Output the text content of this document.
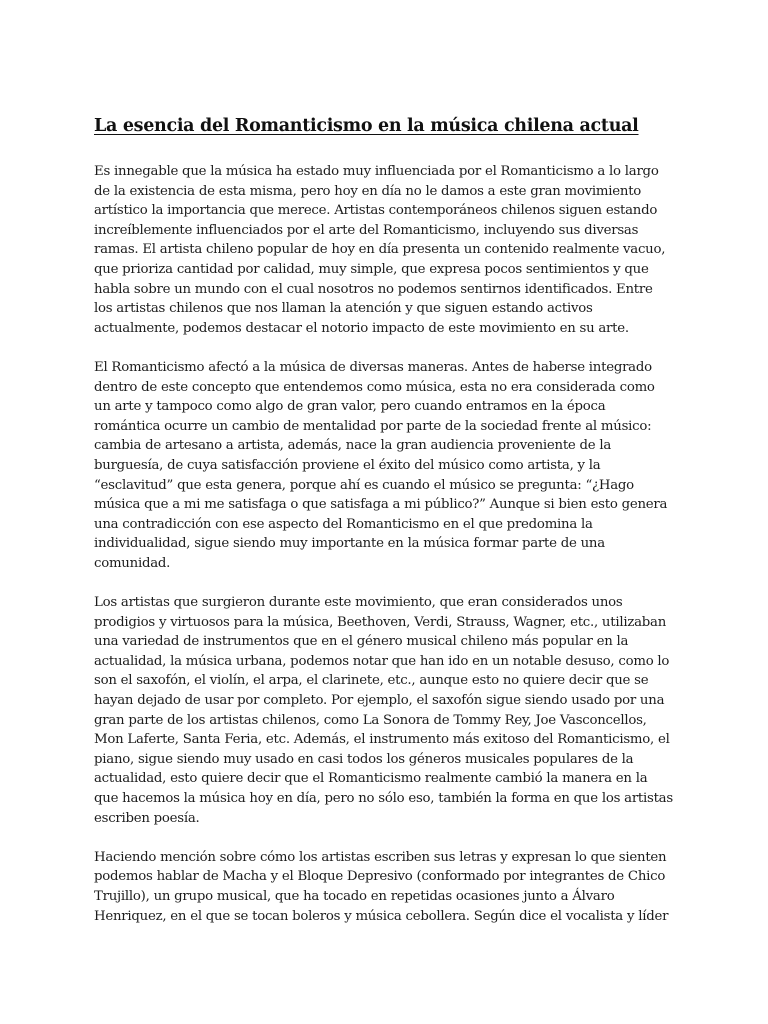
La esencia del Romanticismo en la música chilena actual
Es innegable que la música ha estado muy influenciada por el Romanticismo a lo largo
de la existencia de esta misma, pero hoy en día no le damos a este gran movimiento
artístico la importancia que merece. Artistas contemporáneos chilenos siguen estando
increíblemente influenciados por el arte del Romanticismo, incluyendo sus diversas
ramas. El artista chileno popular de hoy en día presenta un contenido realmente vacuo,
que prioriza cantidad por calidad, muy simple, que expresa pocos sentimientos y que
habla sobre un mundo con el cual nosotros no podemos sentirnos identificados. Entre
los artistas chilenos que nos llaman la atención y que siguen estando activos
actualmente, podemos destacar el notorio impacto de este movimiento en su arte.
El Romanticismo afectó a la música de diversas maneras. Antes de haberse integrado
dentro de este concepto que entendemos como música, esta no era considerada como
un arte y tampoco como algo de gran valor, pero cuando entramos en la época
romántica ocurre un cambio de mentalidad por parte de la sociedad frente al músico:
cambia de artesano a artista, además, nace la gran audiencia proveniente de la
burguesía, de cuya satisfacción proviene el éxito del músico como artista, y la
“esclavitud” que esta genera, porque ahí es cuando el músico se pregunta: “¿Hago
música que a mi me satisfaga o que satisfaga a mi público?” Aunque si bien esto genera
una contradicción con ese aspecto del Romanticismo en el que predomina la
individualidad, sigue siendo muy importante en la música formar parte de una
comunidad.
Los artistas que surgieron durante este movimiento, que eran considerados unos
prodigios y virtuosos para la música, Beethoven, Verdi, Strauss, Wagner, etc., utilizaban
una variedad de instrumentos que en el género musical chileno más popular en la
actualidad, la música urbana, podemos notar que han ido en un notable desuso, como lo
son el saxofón, el violín, el arpa, el clarinete, etc., aunque esto no quiere decir que se
hayan dejado de usar por completo. Por ejemplo, el saxofón sigue siendo usado por una
gran parte de los artistas chilenos, como La Sonora de Tommy Rey, Joe Vasconcellos,
Mon Laferte, Santa Feria, etc. Además, el instrumento más exitoso del Romanticismo, el
piano, sigue siendo muy usado en casi todos los géneros musicales populares de la
actualidad, esto quiere decir que el Romanticismo realmente cambió la manera en la
que hacemos la música hoy en día, pero no sólo eso, también la forma en que los artistas
escriben poesía.
Haciendo mención sobre cómo los artistas escriben sus letras y expresan lo que sienten
podemos hablar de Macha y el Bloque Depresivo (conformado por integrantes de Chico
Trujillo), un grupo musical, que ha tocado en repetidas ocasiones junto a Álvaro
Henriquez, en el que se tocan boleros y música cebollera. Según dice el vocalista y líder
